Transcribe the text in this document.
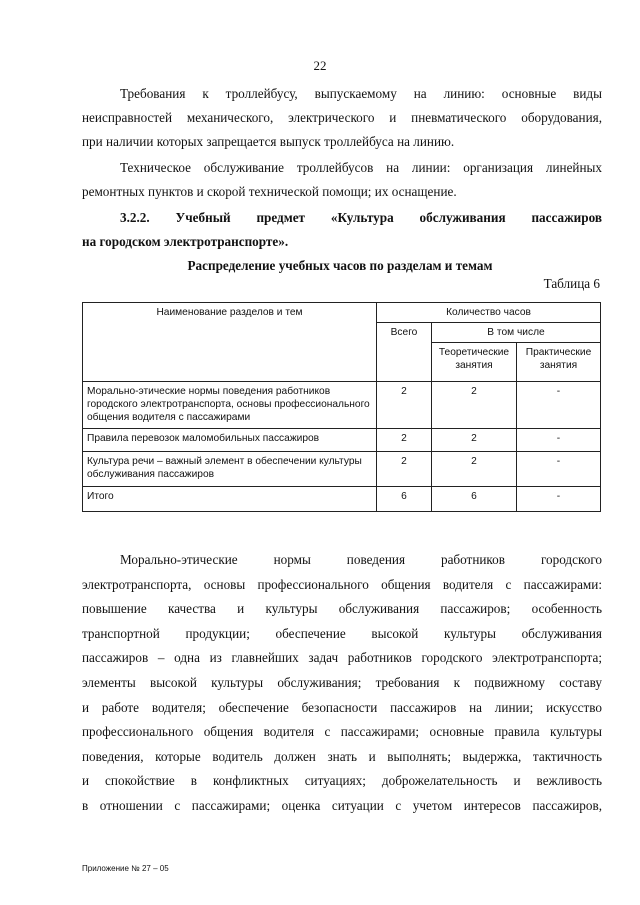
22
Требования к троллейбусу, выпускаемому на линию: основные виды
неисправностей механического, электрического и пневматического оборудования,
при наличии которых запрещается выпуск троллейбуса на линию.
Техническое обслуживание троллейбусов на линии: организация линейных
ремонтных пунктов и скорой технической помощи; их оснащение.
3.2.2. Учебный предмет «Культура обслуживания пассажиров
на городском электротранспорте».
Распределение учебных часов по разделам и темам
Таблица 6
Наименование разделов и тем	Количество часов		
	Всего	В том числе	
		Теоретические занятия	Практические занятия
Морально-этические нормы поведения работников городского электротранспорта, основы профессионального общения водителя с пассажирами	2	2	-
Правила перевозок маломобильных пассажиров	2	2	-
Культура речи – важный элемент в обеспечении культуры обслуживания пассажиров	2	2	-
Итого	6	6	-
Морально-этические нормы поведения работников городского
электротранспорта, основы профессионального общения водителя с пассажирами:
повышение качества и культуры обслуживания пассажиров; особенность
транспортной продукции; обеспечение высокой культуры обслуживания
пассажиров – одна из главнейших задач работников городского электротранспорта;
элементы высокой культуры обслуживания; требования к подвижному составу
и работе водителя; обеспечение безопасности пассажиров на линии; искусство
профессионального общения водителя с пассажирами; основные правила культуры
поведения, которые водитель должен знать и выполнять; выдержка, тактичность
и спокойствие в конфликтных ситуациях; доброжелательность и вежливость
в отношении с пассажирами; оценка ситуации с учетом интересов пассажиров,
Приложение № 27 – 05
